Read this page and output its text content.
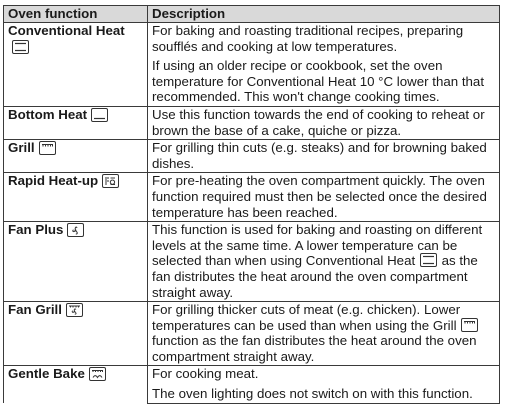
Oven function	Description
Conventional Heat	For baking and roasting traditional recipes, preparing soufflés and cooking at low temperatures.
	If using an older recipe or cookbook, set the oven temperature for Conventional Heat 10 °C lower than that recommended. This won't change cooking times.
Bottom Heat	Use this function towards the end of cooking to reheat or brown the base of a cake, quiche or pizza.
Grill	For grilling thin cuts (e.g. steaks) and for browning baked dishes.
Rapid Heat-up	For pre-heating the oven compartment quickly. The oven function required must then be selected once the desired temperature has been reached.
Fan Plus	This function is used for baking and roasting on different levels at the same time. A lower temperature can be selected than when using Conventional Heat as the fan distributes the heat around the oven compartment straight away.
Fan Grill	For grilling thicker cuts of meat (e.g. chicken). Lower temperatures can be used than when using the Grill
function as the fan distributes the heat around the oven compartment straight away.
Gentle Bake	For cooking meat.
	The oven lighting does not switch on with this function.
